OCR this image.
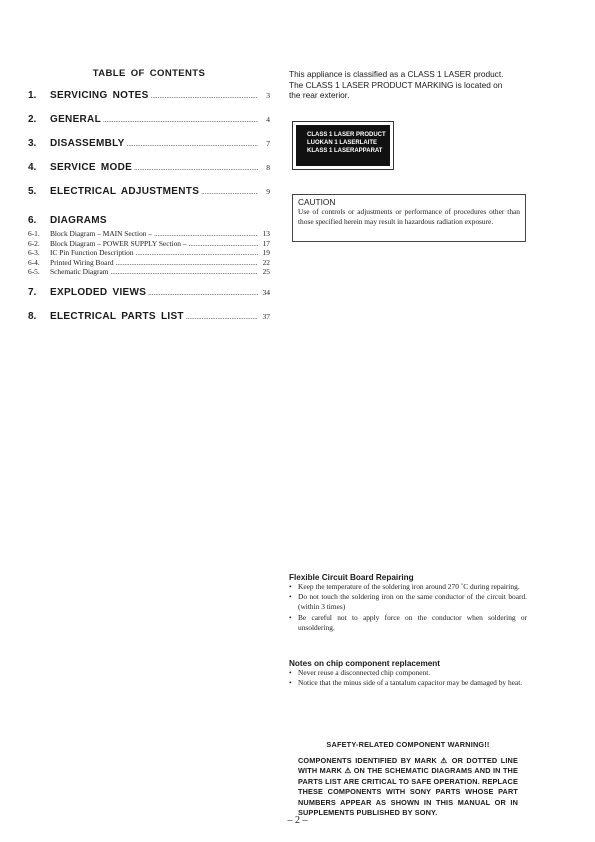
TABLE OF CONTENTS
1.	SERVICING NOTES .....	3
2.	GENERAL .....	4
3.	DISASSEMBLY .....	7
4.	SERVICE MODE .....	8
5.	ELECTRICAL ADJUSTMENTS .....	9
6.	DIAGRAMS
6-1.	Block Diagram – MAIN Section – .....	13
6-2.	Block Diagram – POWER SUPPLY Section – .....	17
6-3.	IC Pin Function Description .....	19
6-4.	Printed Wiring Board .....	22
6-5.	Schematic Diagram .....	25
7.	EXPLODED VIEWS .....	34
8.	ELECTRICAL PARTS LIST .....	37
This appliance is classified as a CLASS 1 LASER product.
The CLASS 1 LASER PRODUCT MARKING is located on
the rear exterior.
CLASS 1 LASER PRODUCT
LUOKAN 1 LASERLAITE
KLASS 1 LASERAPPARAT
CAUTION
Use of controls or adjustments or performance of procedures other than those specified herein may result in hazardous radiation exposure.
Flexible Circuit Board Repairing
• Keep the temperature of the soldering iron around 270 ˚C during repairing.
• Do not touch the soldering iron on the same conductor of the circuit board. (within 3 times)
• Be careful not to apply force on the conductor when soldering or unsoldering.
Notes on chip component replacement
• Never reuse a disconnected chip component.
• Notice that the minus side of a tantalum capacitor may be damaged by heat.
SAFETY-RELATED COMPONENT WARNING!!
COMPONENTS IDENTIFIED BY MARK ⚠ OR DOTTED LINE WITH MARK ⚠ ON THE SCHEMATIC DIAGRAMS AND IN THE PARTS LIST ARE CRITICAL TO SAFE OPERATION. REPLACE THESE COMPONENTS WITH SONY PARTS WHOSE PART NUMBERS APPEAR AS SHOWN IN THIS MANUAL OR IN SUPPLEMENTS PUBLISHED BY SONY.
– 2 –
